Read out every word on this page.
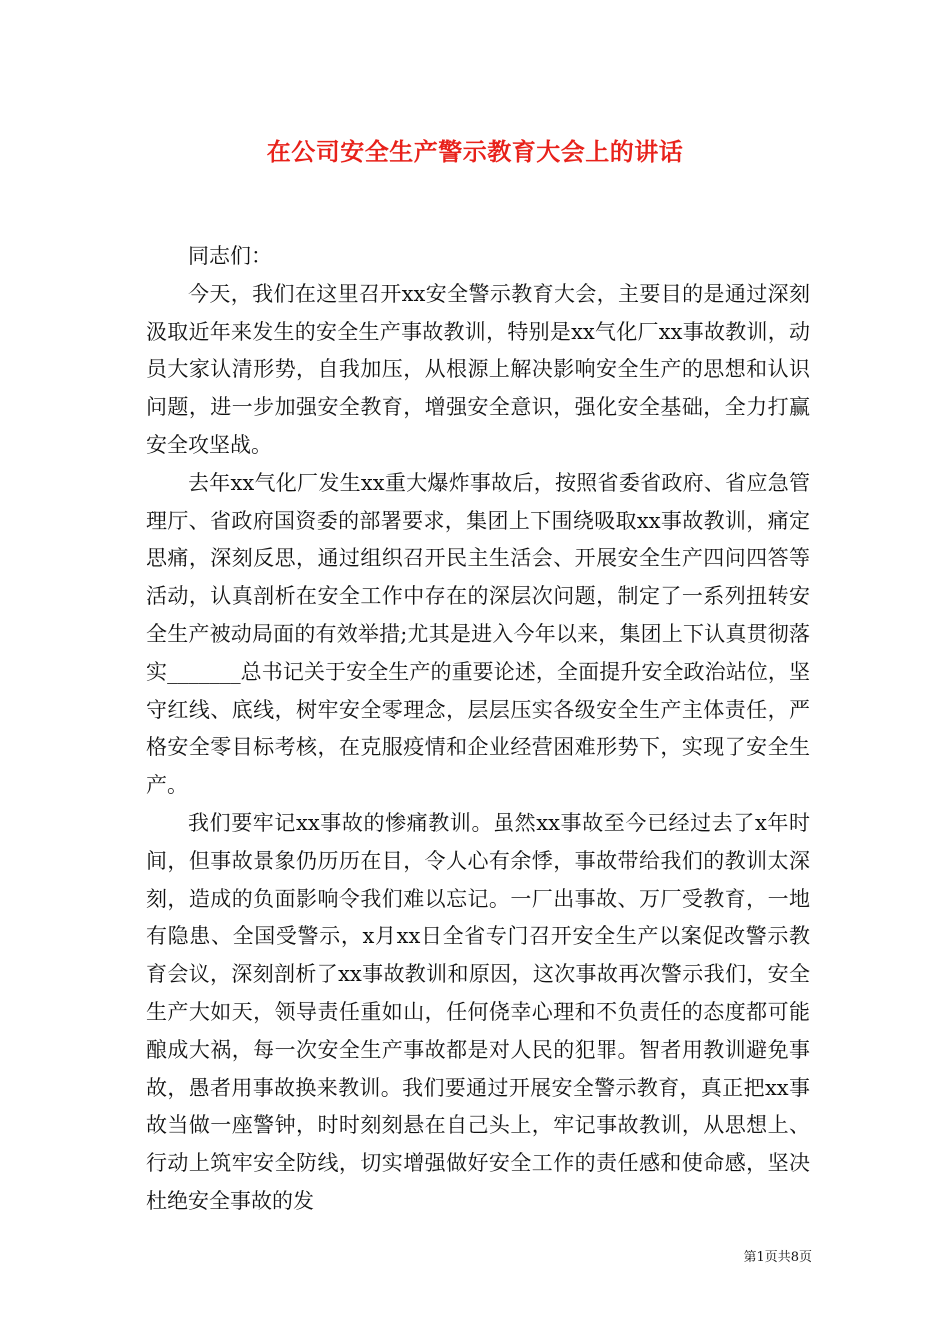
在公司安全生产警示教育大会上的讲话

同志们：

今天，我们在这里召开xx安全警示教育大会，主要目的是通过深刻汲取近年来发生的安全生产事故教训，特别是xx气化厂xx事故教训，动员大家认清形势，自我加压，从根源上解决影响安全生产的思想和认识问题，进一步加强安全教育，增强安全意识，强化安全基础，全力打赢安全攻坚战。

去年xx气化厂发生xx重大爆炸事故后，按照省委省政府、省应急管理厅、省政府国资委的部署要求，集团上下围绕吸取xx事故教训，痛定思痛，深刻反思，通过组织召开民主生活会、开展安全生产四问四答等活动，认真剖析在安全工作中存在的深层次问题，制定了一系列扭转安全生产被动局面的有效举措;尤其是进入今年以来，集团上下认真贯彻落实_______总书记关于安全生产的重要论述，全面提升安全政治站位，坚守红线、底线，树牢安全零理念，层层压实各级安全生产主体责任，严格安全零目标考核，在克服疫情和企业经营困难形势下，实现了安全生产。

我们要牢记xx事故的惨痛教训。虽然xx事故至今已经过去了x年时间，但事故景象仍历历在目，令人心有余悸，事故带给我们的教训太深刻，造成的负面影响令我们难以忘记。一厂出事故、万厂受教育，一地有隐患、全国受警示，x月xx日全省专门召开安全生产以案促改警示教育会议，深刻剖析了xx事故教训和原因，这次事故再次警示我们，安全生产大如天，领导责任重如山，任何侥幸心理和不负责任的态度都可能酿成大祸，每一次安全生产事故都是对人民的犯罪。智者用教训避免事故，愚者用事故换来教训。我们要通过开展安全警示教育，真正把xx事故当做一座警钟，时时刻刻悬在自己头上，牢记事故教训，从思想上、行动上筑牢安全防线，切实增强做好安全工作的责任感和使命感，坚决杜绝安全事故的发

第1页共8页
